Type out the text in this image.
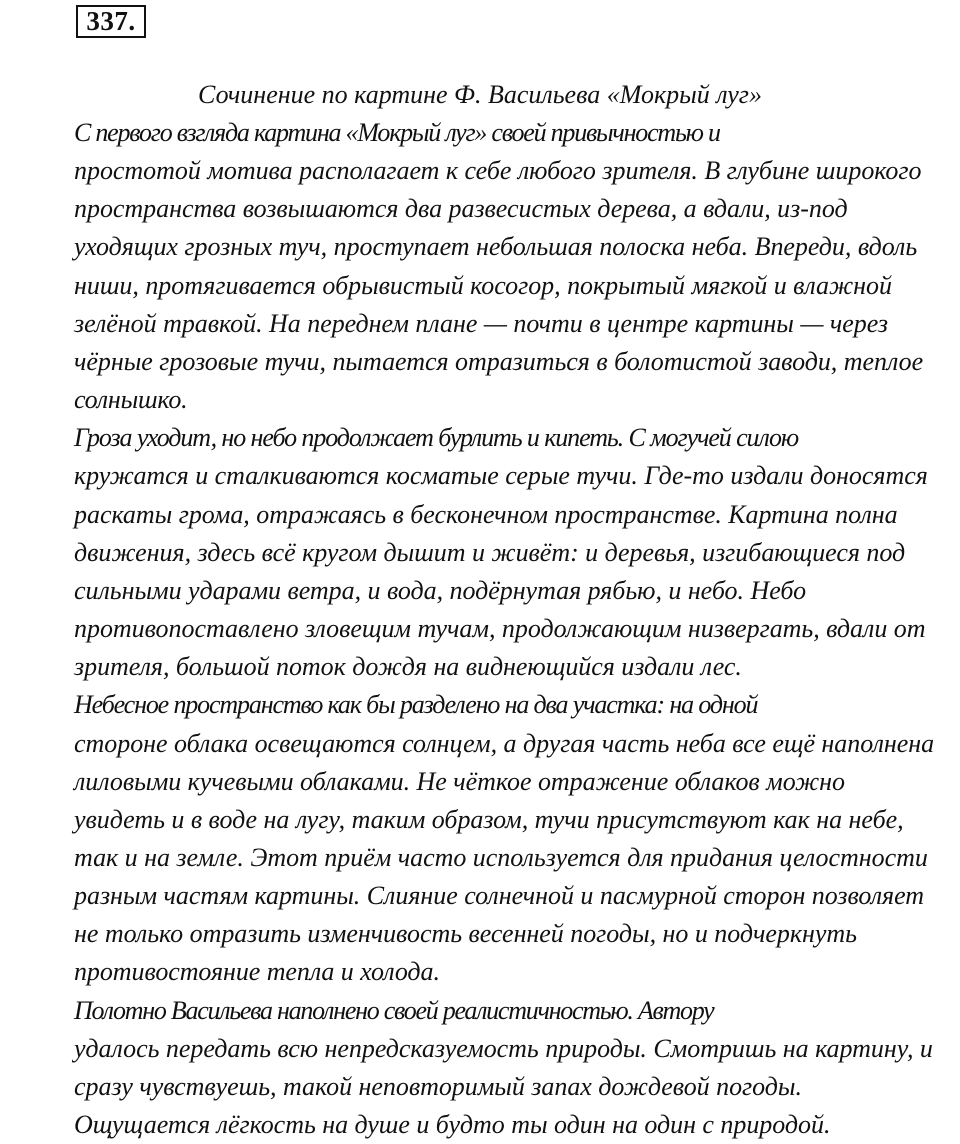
337.
Сочинение по картине Ф. Васильева «Мокрый луг»

С первого взгляда картина «Мокрый луг» своей привычностью и
простотой мотива располагает к себе любого зрителя. В глубине широкого
пространства возвышаются два развесистых дерева, а вдали, из-под
уходящих грозных туч, проступает небольшая полоска неба. Впереди, вдоль
ниши, протягивается обрывистый косогор, покрытый мягкой и влажной
зелёной травкой. На переднем плане — почти в центре картины — через
чёрные грозовые тучи, пытается отразиться в болотистой заводи, теплое
солнышко.

Гроза уходит, но небо продолжает бурлить и кипеть. С могучей силою
кружатся и сталкиваются косматые серые тучи. Где-то издали доносятся
раскаты грома, отражаясь в бесконечном пространстве. Картина полна
движения, здесь всё кругом дышит и живёт: и деревья, изгибающиеся под
сильными ударами ветра, и вода, подёрнутая рябью, и небо. Небо
противопоставлено зловещим тучам, продолжающим низвергать, вдали от
зрителя, большой поток дождя на виднеющийся издали лес.

Небесное пространство как бы разделено на два участка: на одной
стороне облака освещаются солнцем, а другая часть неба все ещё наполнена
лиловыми кучевыми облаками. Не чёткое отражение облаков можно
увидеть и в воде на лугу, таким образом, тучи присутствуют как на небе,
так и на земле. Этот приём часто используется для придания целостности
разным частям картины. Слияние солнечной и пасмурной сторон позволяет
не только отразить изменчивость весенней погоды, но и подчеркнуть
противостояние тепла и холода.

Полотно Васильева наполнено своей реалистичностью. Автору
удалось передать всю непредсказуемость природы. Смотришь на картину, и
сразу чувствуешь, такой неповторимый запах дождевой погоды.
Ощущается лёгкость на душе и будто ты один на один с природой.
